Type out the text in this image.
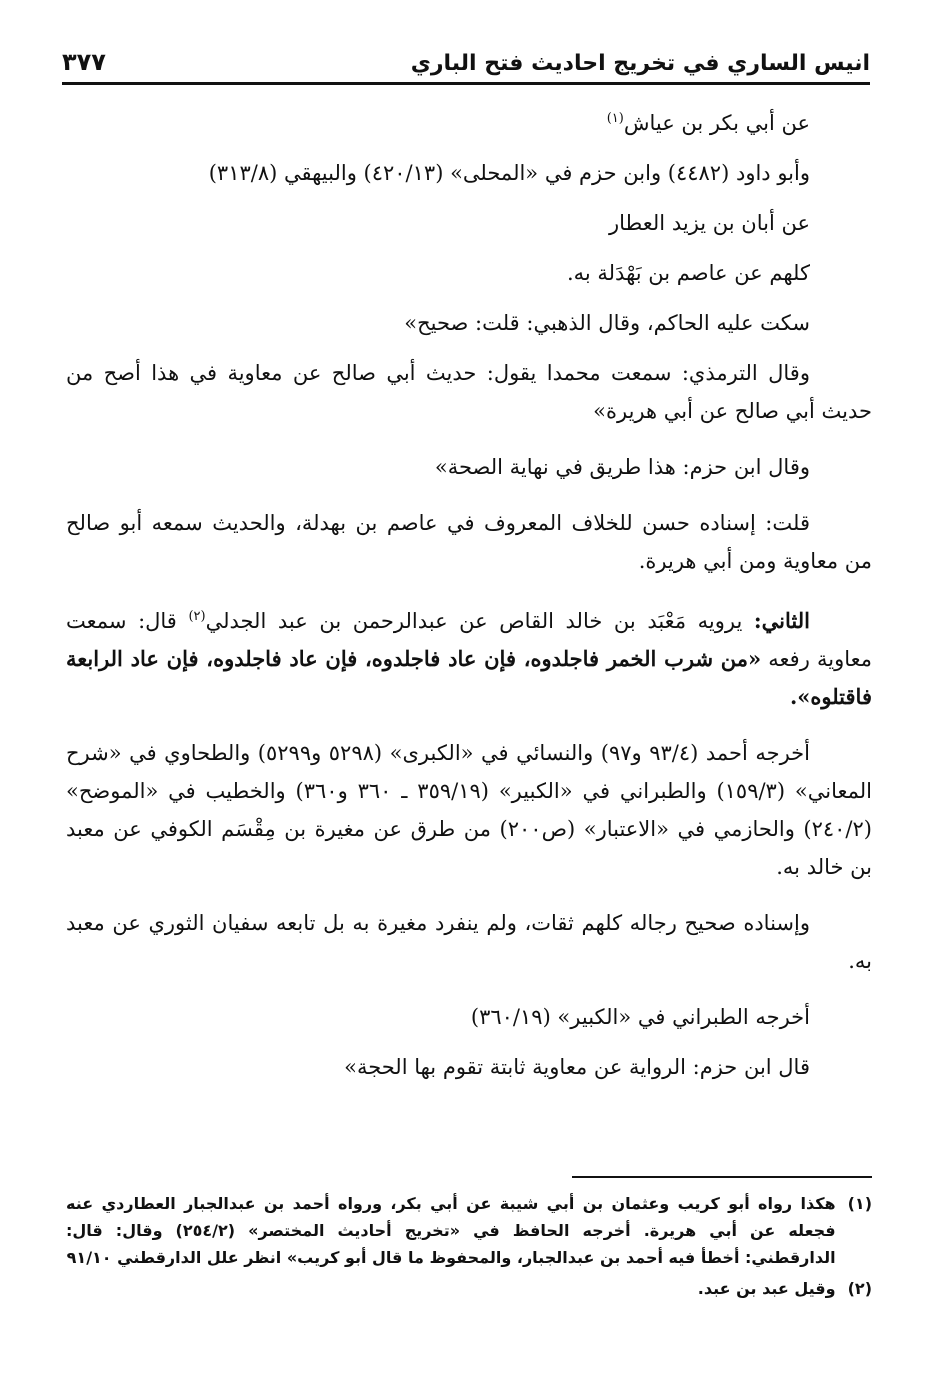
انيس الساري في تخريج احاديث فتح الباري
٣٧٧

عن أبي بكر بن عياش$^{(١)}$

وأبو داود (٤٤٨٢) وابن حزم في «المحلى» (٤٢٠/١٣) والبيهقي (٣١٣/٨)

عن أبان بن يزيد العطار

كلهم عن عاصم بن بَهْدَلة به.

سكت عليه الحاكم، وقال الذهبي: قلت: صحيح»

وقال الترمذي: سمعت محمدا يقول: حديث أبي صالح عن معاوية في هذا أصح من حديث أبي صالح عن أبي هريرة»

وقال ابن حزم: هذا طريق في نهاية الصحة»

قلت: إسناده حسن للخلاف المعروف في عاصم بن بهدلة، والحديث سمعه أبو صالح من معاوية ومن أبي هريرة.

الثاني: يرويه مَعْبَد بن خالد القاص عن عبدالرحمن بن عبد الجدلي$^{(٢)}$ قال: سمعت معاوية رفعه «من شرب الخمر فاجلدوه، فإن عاد فاجلدوه، فإن عاد فاجلدوه، فإن عاد الرابعة فاقتلوه».

أخرجه أحمد (٩٣/٤ و٩٧) والنسائي في «الكبرى» (٥٢٩٨ و٥٢٩٩) والطحاوي في «شرح المعاني» (١٥٩/٣) والطبراني في «الكبير» (٣٥٩/١٩ ـ ٣٦٠ و٣٦٠) والخطيب في «الموضح» (٢٤٠/٢) والحازمي في «الاعتبار» (ص٢٠٠) من طرق عن مغيرة بن مِقْسَم الكوفي عن معبد بن خالد به.

وإسناده صحيح رجاله كلهم ثقات، ولم ينفرد مغيرة به بل تابعه سفيان الثوري عن معبد به.

أخرجه الطبراني في «الكبير» (٣٦٠/١٩)

قال ابن حزم: الرواية عن معاوية ثابتة تقوم بها الحجة»

(١)
هكذا رواه أبو كريب وعثمان بن أبي شيبة عن أبي بكر، ورواه أحمد بن عبدالجبار العطاردي عنه فجعله عن أبي هريرة. أخرجه الحافظ في «تخريج أحاديث المختصر» (٢٥٤/٢) وقال: قال: الدارقطني: أخطأ فيه أحمد بن عبدالجبار، والمحفوظ ما قال أبو كريب» انظر علل الدارقطني ٩١/١٠
(٢)
وقيل عبد بن عبد.
